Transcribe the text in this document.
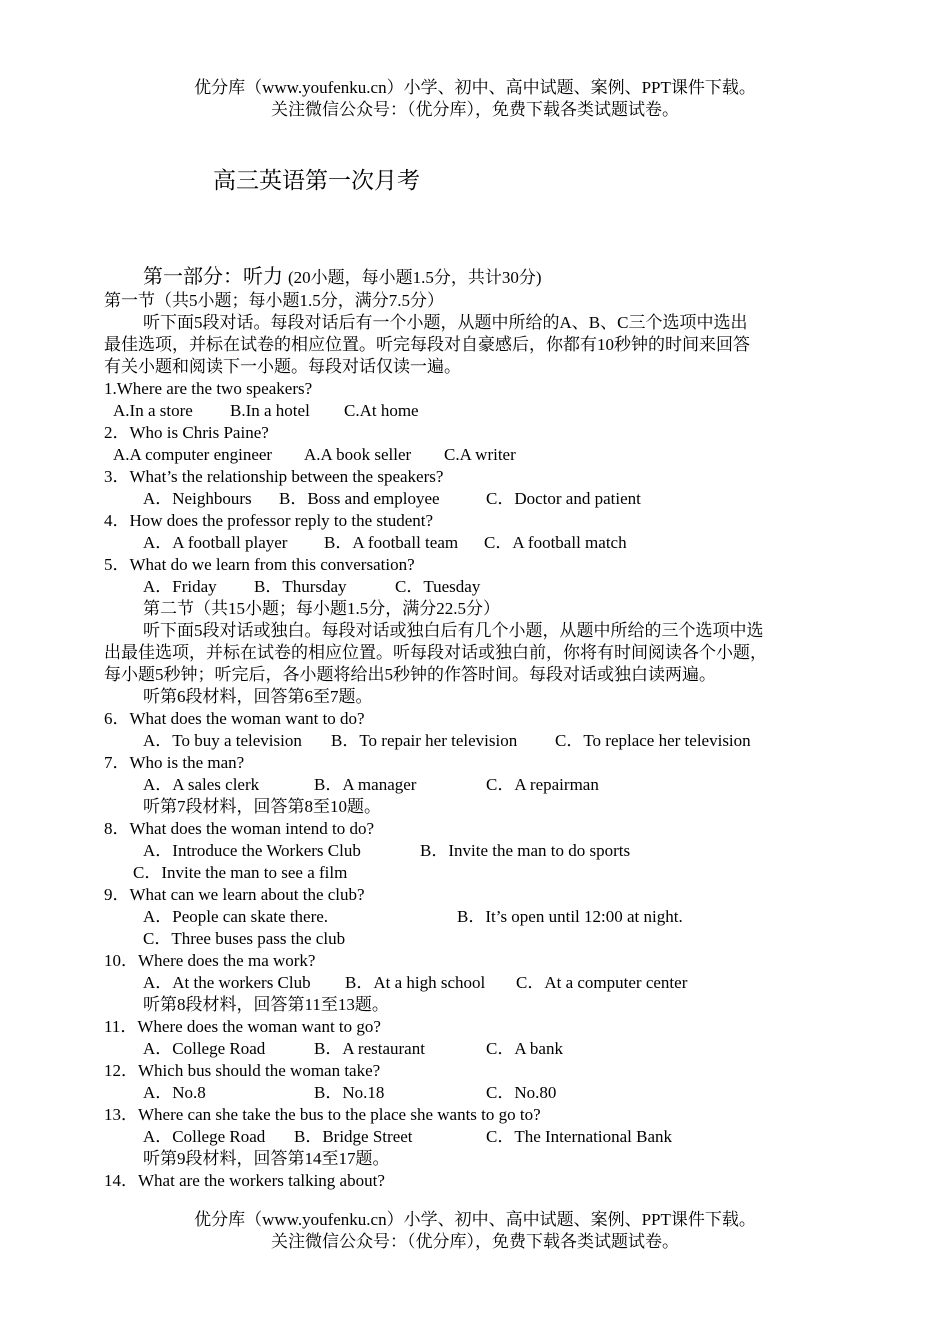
优分库（www.youfenku.cn）小学、初中、高中试题、案例、PPT课件下载。
关注微信公众号：（优分库），免费下载各类试题试卷。
高三英语第一次月考
第一部分：听力 (20小题，每小题1.5分，共计30分)
第一节（共5小题；每小题1.5分，满分7.5分）
听下面5段对话。每段对话后有一个小题，从题中所给的A、B、C三个选项中选出
最佳选项，并标在试卷的相应位置。听完每段对自豪感后，你都有10秒钟的时间来回答
有关小题和阅读下一小题。每段对话仅读一遍。
1.Where are the two speakers?
A.In a store B.In a hotel C.At home
2．Who is Chris Paine?
A.A computer engineer A.A book seller C.A writer
3．What’s the relationship between the speakers?
A．Neighbours B．Boss and employee	C．Doctor and patient
4．How does the professor reply to the student?
A．A football player B．A football team C．A football match
5．What do we learn from this conversation?
A．Friday B．Thursday	C．Tuesday
第二节（共15小题；每小题1.5分，满分22.5分）
听下面5段对话或独白。每段对话或独白后有几个小题，从题中所给的三个选项中选
出最佳选项，并标在试卷的相应位置。听每段对话或独白前，你将有时间阅读各个小题，
每小题5秒钟；听完后，各小题将给出5秒钟的作答时间。每段对话或独白读两遍。
听第6段材料，回答第6至7题。
6．What does the woman want to do?
A．To buy a television B．To repair her television C．To replace her television
7．Who is the man?
A．A sales clerk	B．A manager	C．A repairman
听第7段材料，回答第8至10题。
8．What does the woman intend to do?
A．Introduce the Workers Club	B．Invite the man to do sports
C．Invite the man to see a film
9．What can we learn about the club?
A．People can skate there.	B．It’s open until 12:00 at night.
C．Three buses pass the club
10．Where does the ma work?
A．At the workers Club B．At a high school C．At a computer center
听第8段材料，回答第11至13题。
11．Where does the woman want to go?
A．College Road	B．A restaurant	C．A bank
12．Which bus should the woman take?
A．No.8	B．No.18	C．No.80
13．Where can she take the bus to the place she wants to go to?
A．College Road B．Bridge Street	C．The International Bank
听第9段材料，回答第14至17题。
14．What are the workers talking about?
优分库（www.youfenku.cn）小学、初中、高中试题、案例、PPT课件下载。
关注微信公众号：（优分库），免费下载各类试题试卷。
